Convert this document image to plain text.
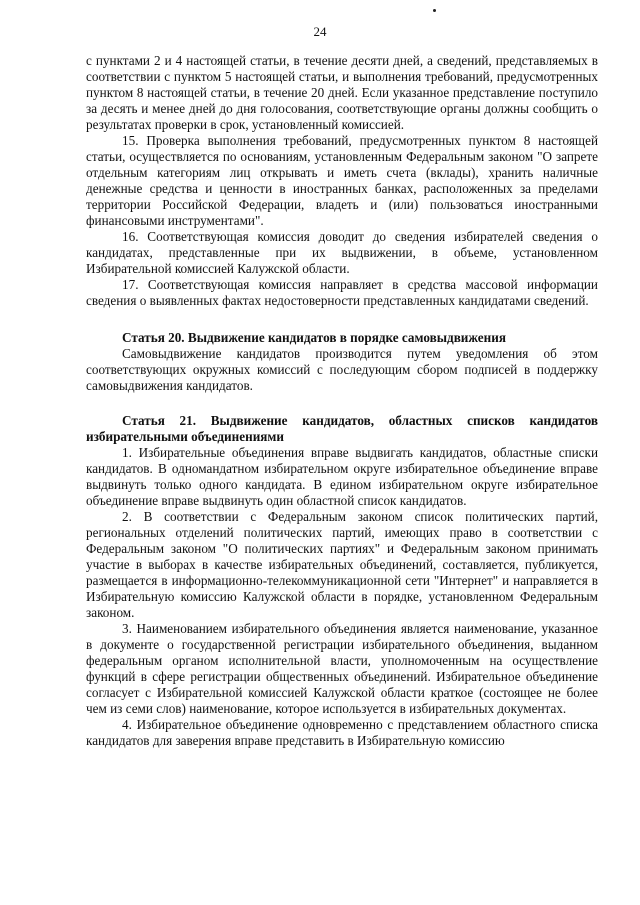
24

с пунктами 2 и 4 настоящей статьи, в течение десяти дней, а сведений, представляемых в соответствии с пунктом 5 настоящей статьи, и выполнения требований, предусмотренных пунктом 8 настоящей статьи, в течение 20 дней. Если указанное представление поступило за десять и менее дней до дня голосования, соответствующие органы должны сообщить о результатах проверки в срок, установленный комиссией.

15. Проверка выполнения требований, предусмотренных пунктом 8 настоящей статьи, осуществляется по основаниям, установленным Федеральным законом "О запрете отдельным категориям лиц открывать и иметь счета (вклады), хранить наличные денежные средства и ценности в иностранных банках, расположенных за пределами территории Российской Федерации, владеть и (или) пользоваться иностранными финансовыми инструментами".

16. Соответствующая комиссия доводит до сведения избирателей сведения о кандидатах, представленные при их выдвижении, в объеме, установленном Избирательной комиссией Калужской области.

17. Соответствующая комиссия направляет в средства массовой информации сведения о выявленных фактах недостоверности представленных кандидатами сведений.

Статья 20. Выдвижение кандидатов в порядке самовыдвижения

Самовыдвижение кандидатов производится путем уведомления об этом соответствующих окружных комиссий с последующим сбором подписей в поддержку самовыдвижения кандидатов.

Статья 21. Выдвижение кандидатов, областных списков кандидатов избирательными объединениями

1. Избирательные объединения вправе выдвигать кандидатов, областные списки кандидатов. В одномандатном избирательном округе избирательное объединение вправе выдвинуть только одного кандидата. В едином избирательном округе избирательное объединение вправе выдвинуть один областной список кандидатов.

2. В соответствии с Федеральным законом список политических партий, региональных отделений политических партий, имеющих право в соответствии с Федеральным законом "О политических партиях" и Федеральным законом принимать участие в выборах в качестве избирательных объединений, составляется, публикуется, размещается в информационно-телекоммуникационной сети "Интернет" и направляется в Избирательную комиссию Калужской области в порядке, установленном Федеральным законом.

3. Наименованием избирательного объединения является наименование, указанное в документе о государственной регистрации избирательного объединения, выданном федеральным органом исполнительной власти, уполномоченным на осуществление функций в сфере регистрации общественных объединений. Избирательное объединение согласует с Избирательной комиссией Калужской области краткое (состоящее не более чем из семи слов) наименование, которое используется в избирательных документах.

4. Избирательное объединение одновременно с представлением областного списка кандидатов для заверения вправе представить в Избирательную комиссию
